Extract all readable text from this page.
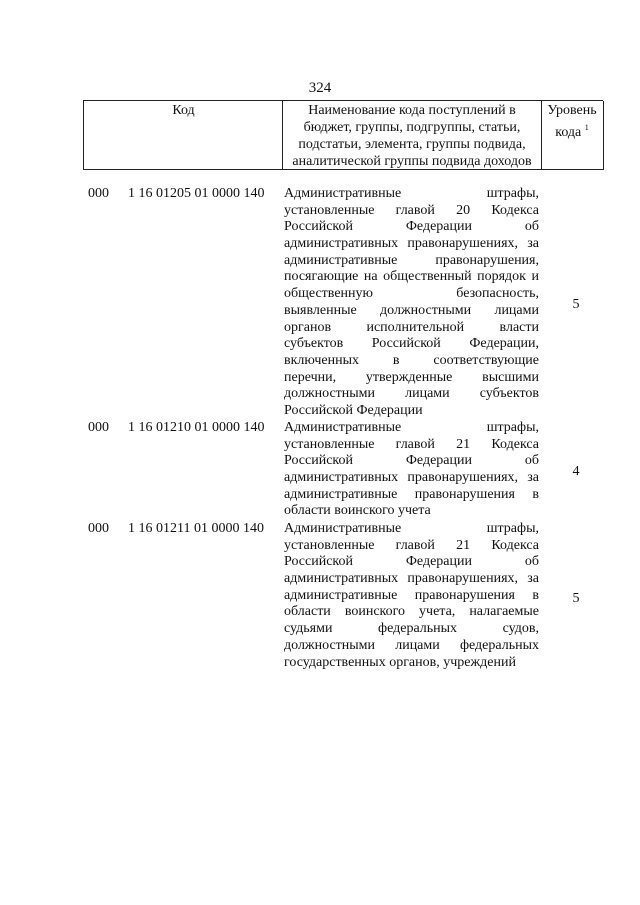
324
Код	Наименование кода поступлений в
бюджет, группы, подгруппы, статьи,
подстатьи, элемента, группы подвида,
аналитической группы подвида доходов
Уровень
кода $^1$
000 1 16 01205 01 0000 140 Административные штрафы,
установленные главой 20 Кодекса
Российской Федерации об
административных правонарушениях, за
административные правонарушения,
посягающие на общественный порядок и
общественную безопасность,
выявленные должностными лицами
органов исполнительной власти
субъектов Российской Федерации,
включенных в соответствующие
перечни, утвержденные высшими
должностными лицами субъектов
Российской Федерации
5
000 1 16 01210 01 0000 140 Административные штрафы,
установленные главой 21 Кодекса
Российской Федерации об
административных правонарушениях, за
административные правонарушения в
области воинского учета
4
000 1 16 01211 01 0000 140 Административные штрафы,
установленные главой 21 Кодекса
Российской Федерации об
административных правонарушениях, за
административные правонарушения в
области воинского учета, налагаемые
судьями федеральных судов,
должностными лицами федеральных
государственных органов, учреждений
5
